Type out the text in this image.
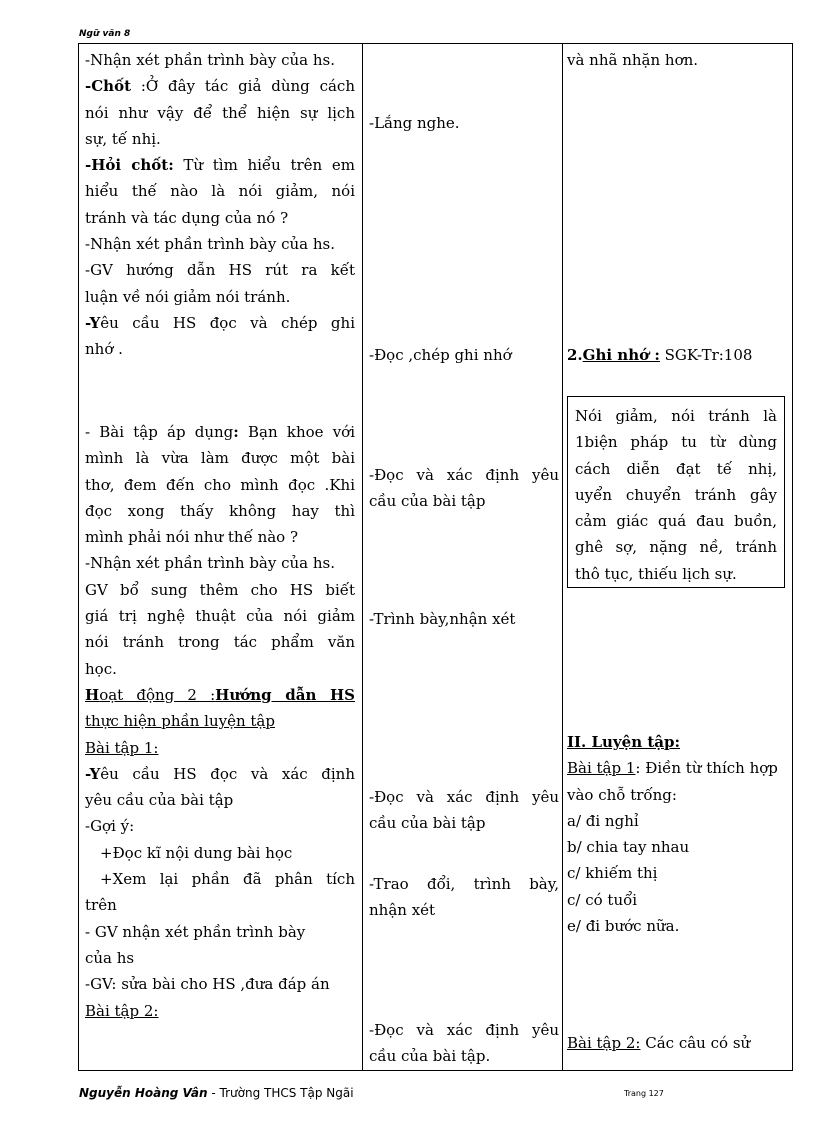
Ngữ văn 8
-Nhận xét phần trình bày của hs.
-Chốt :Ở đây tác giả dùng cách
nói như vậy để thể hiện sự lịch
sự, tế nhị.
-Hỏi chốt: Từ tìm hiểu trên em
hiểu thế nào là nói giảm, nói
tránh và tác dụng của nó ?
-Nhận xét phần trình bày của hs.
-GV hướng dẫn HS rút ra kết
luận về nói giảm nói tránh.
-Yêu cầu HS đọc và chép ghi
nhớ .
- Bài tập áp dụng: Bạn khoe với
mình là vừa làm được một bài
thơ, đem đến cho mình đọc .Khi
đọc xong thấy không hay thì
mình phải nói như thế nào ?
-Nhận xét phần trình bày của hs.
GV bổ sung thêm cho HS biết
giá trị nghệ thuật của nói giảm
nói tránh trong tác phẩm văn
học.
Hoạt động 2 :Hướng dẫn HS
thực hiện phần luyện tập
Bài tập 1:
-Yêu cầu HS đọc và xác định
yêu cầu của bài tập
-Gợi ý:
+Đọc kĩ nội dung bài học
+Xem lại phần đã phân tích
trên
- GV nhận xét phần trình bày
của hs
-GV: sửa bài cho HS ,đưa đáp án
Bài tập 2:
-Lắng nghe.
-Đọc ,chép ghi nhớ
-Đọc và xác định yêu
cầu của bài tập
-Trình bày,nhận xét
-Đọc và xác định yêu
cầu của bài tập
-Trao đổi, trình bày,
nhận xét
-Đọc và xác định yêu
cầu của bài tập.
và nhã nhặn hơn.
2.Ghi nhớ : SGK-Tr:108
Nói giảm, nói tránh là
1biện pháp tu từ dùng
cách diễn đạt tế nhị,
uyển chuyển tránh gây
cảm giác quá đau buồn,
ghê sợ, nặng nề, tránh
thô tục, thiếu lịch sự.
II. Luyện tập:
Bài tập 1: Điền từ thích hợp
vào chỗ trống:
a/ đi nghỉ
b/ chia tay nhau
c/ khiếm thị
c/ có tuổi
e/ đi bước nữa.
Bài tập 2: Các câu có sử
Nguyễn Hoàng Vân - Trường THCS Tập Ngãi	Trang 127
